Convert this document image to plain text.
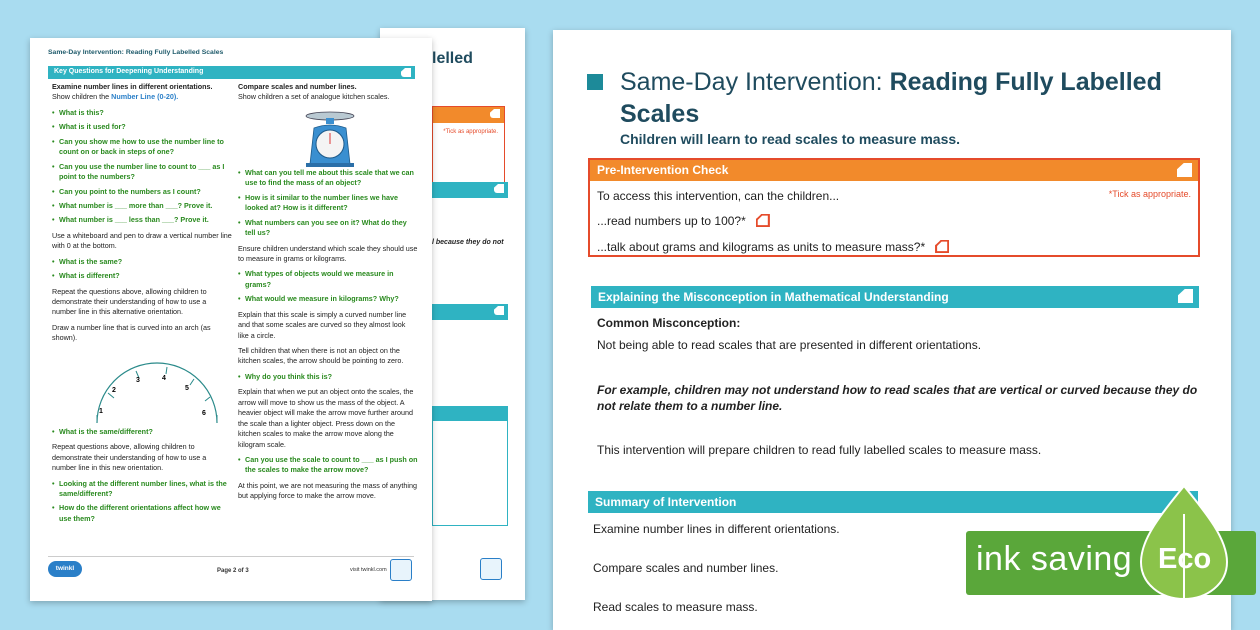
lelled
*Tick as appropriate.
l because they do not
Same-Day Intervention: Reading Fully Labelled Scales
Key Questions for Deepening Understanding

Examine number lines in different orientations.

Show children the Number Line (0-20).

• What is this?
• What is it used for?
• Can you show me how to use the number line to count on or back in steps of one?
• Can you use the number line to count to ___ as I point to the numbers?
• Can you point to the numbers as I count?
• What number is ___ more than ___? Prove it.
• What number is ___ less than ___? Prove it.

Use a whiteboard and pen to draw a vertical number line with 0 at the bottom.

• What is the same?
• What is different?

Repeat the questions above, allowing children to demonstrate their understanding of how to use a number line in this alternative orientation.

Draw a number line that is curved into an arch (as shown).

1
2
3	4
5
6
• What is the same/different?

Repeat questions above, allowing children to demonstrate their understanding of how to use a number line in this new orientation.

• Looking at the different number lines, what is the same/different?
• How do the different orientations affect how we use them?

Compare scales and number lines.

Show children a set of analogue kitchen scales.

• What can you tell me about this scale that we can use to find the mass of an object?
• How is it similar to the number lines we have looked at? How is it different?
• What numbers can you see on it? What do they tell us?

Ensure children understand which scale they should use to measure in grams or kilograms.

• What types of objects would we measure in grams?
• What would we measure in kilograms? Why?

Explain that this scale is simply a curved number line and that some scales are curved so they almost look like a circle.

Tell children that when there is not an object on the kitchen scales, the arrow should be pointing to zero.

• Why do you think this is?

Explain that when we put an object onto the scales, the arrow will move to show us the mass of the object. A heavier object will make the arrow move further around the scale than a lighter object. Press down on the kitchen scales to make the arrow move along the kilogram scale.

• Can you use the scale to count to ___ as I push on the scales to make the arrow move?

At this point, we are not measuring the mass of anything but applying force to make the arrow move.

twinkl	Page 2 of 3	visit twinkl.com
Same-Day Intervention: Reading Fully Labelled Scales
Children will learn to read scales to measure mass.
Pre-Intervention Check
To access this intervention, can the children...	*Tick as appropriate.
...read numbers up to 100?*
...talk about grams and kilograms as units to measure mass?*
Explaining the Misconception in Mathematical Understanding
Common Misconception:
Not being able to read scales that are presented in different orientations.
For example, children may not understand how to read scales that are vertical or curved because they do not relate them to a number line.
This intervention will prepare children to read fully labelled scales to measure mass.
Summary of Intervention
Examine number lines in different orientations.
Compare scales and number lines.
Read scales to measure mass.
ink saving Eco
